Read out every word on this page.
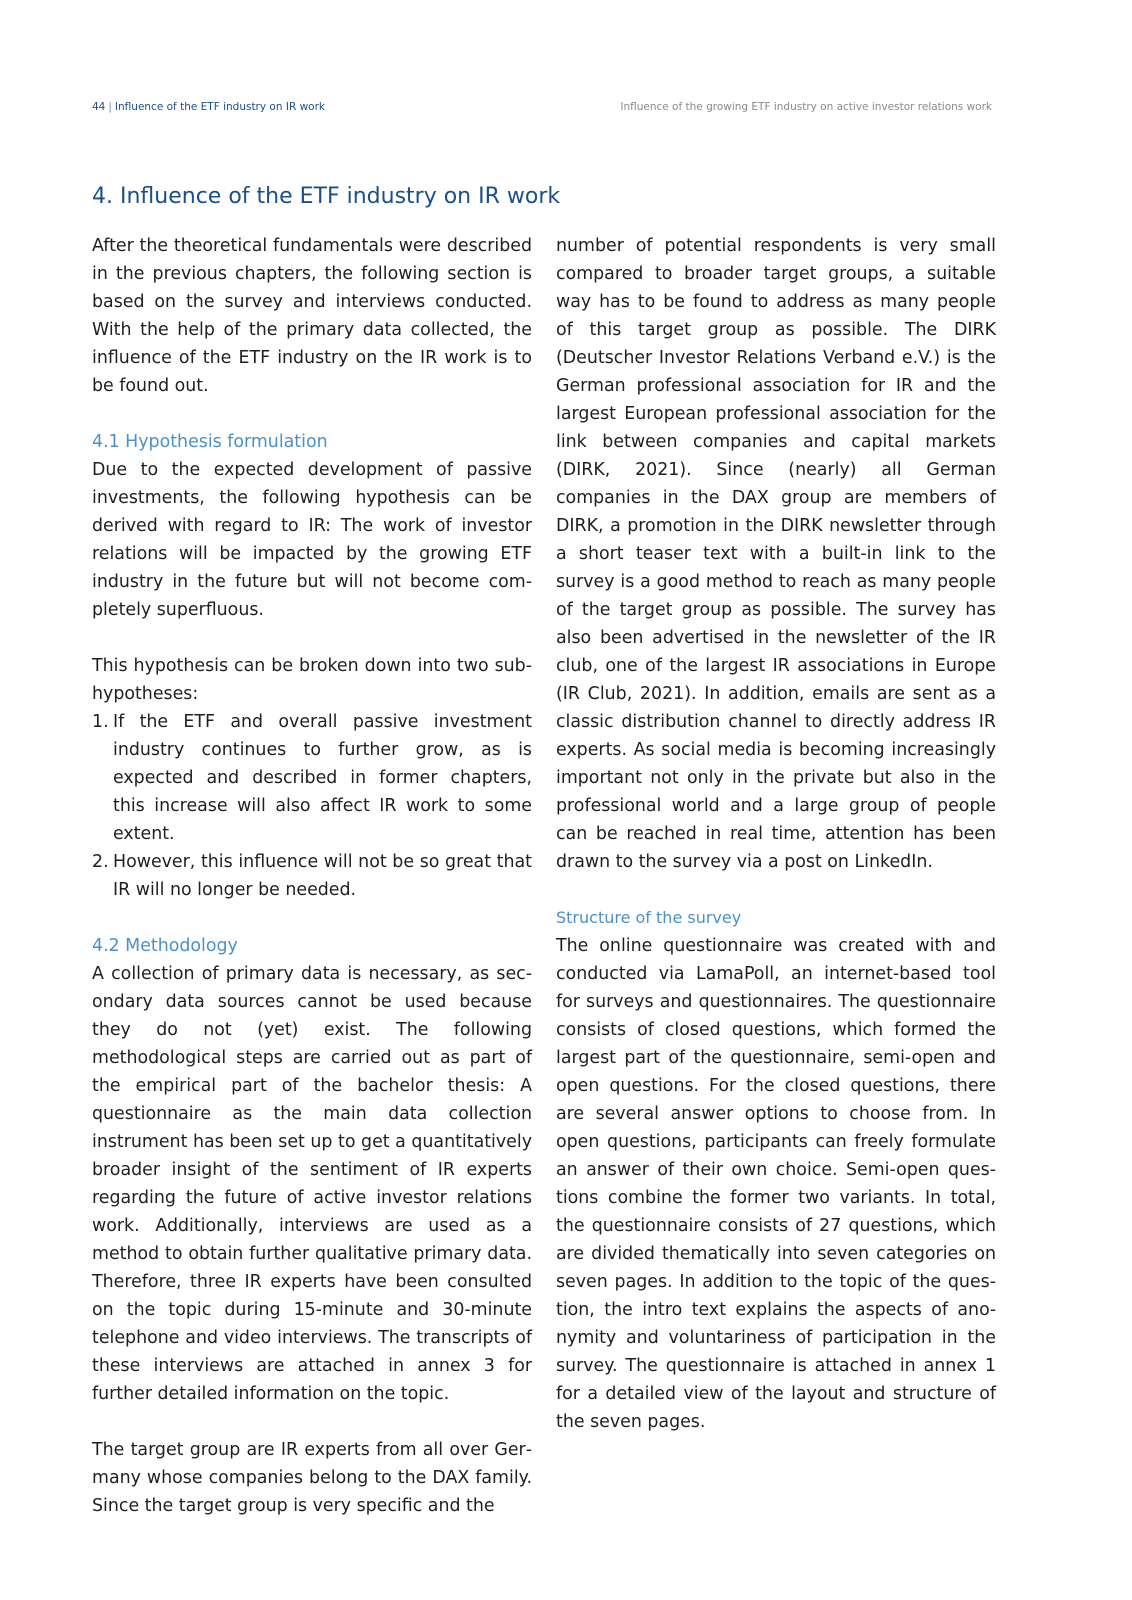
44 | Influence of the ETF industry on IR work	Influence of the growing ETF industry on active investor relations work
4. Influence of the ETF industry on IR work

After the theoretical fundamentals were described in the previous chapters, the following section is based on the survey and interviews conducted. With the help of the primary data collected, the influence of the ETF industry on the IR work is to be found out.

4.1 Hypothesis formulation

Due to the expected development of passive investments, the following hypothesis can be derived with regard to IR: The work of investor relations will be impacted by the growing ETF industry in the future but will not become completely superfluous.

This hypothesis can be broken down into two sub-hypotheses:

1. If the ETF and overall passive investment industry continues to further grow, as is expected and described in former chapters, this increase will also affect IR work to some extent.
2. However, this influence will not be so great that IR will no longer be needed.
4.2 Methodology

A collection of primary data is necessary, as secondary data sources cannot be used because they do not (yet) exist. The following methodological steps are carried out as part of the empirical part of the bachelor thesis: A questionnaire as the main data collection instrument has been set up to get a quantitatively broader insight of the sentiment of IR experts regarding the future of active investor relations work. Additionally, interviews are used as a method to obtain further qualitative primary data. Therefore, three IR experts have been consulted on the topic during 15-minute and 30-minute telephone and video interviews. The transcripts of these interviews are attached in annex 3 for further detailed information on the topic.

The target group are IR experts from all over Germany whose companies belong to the DAX family. Since the target group is very specific and the

number of potential respondents is very small compared to broader target groups, a suitable way has to be found to address as many people of this target group as possible. The DIRK (Deutscher Investor Relations Verband e.V.) is the German professional association for IR and the largest European professional association for the link between companies and capital markets (DIRK, 2021). Since (nearly) all German companies in the DAX group are members of DIRK, a promotion in the DIRK newsletter through a short teaser text with a built-in link to the survey is a good method to reach as many people of the target group as possible. The survey has also been advertised in the newsletter of the IR club, one of the largest IR associations in Europe (IR Club, 2021). In addition, emails are sent as a classic distribution channel to directly address IR experts. As social media is becoming increasingly important not only in the private but also in the professional world and a large group of people can be reached in real time, attention has been drawn to the survey via a post on LinkedIn.

Structure of the survey

The online questionnaire was created with and conducted via LamaPoll, an internet-based tool for surveys and questionnaires. The questionnaire consists of closed questions, which formed the largest part of the questionnaire, semi-open and open questions. For the closed questions, there are several answer options to choose from. In open questions, participants can freely formulate an answer of their own choice. Semi-open questions combine the former two variants. In total, the questionnaire consists of 27 questions, which are divided thematically into seven categories on seven pages. In addition to the topic of the question, the intro text explains the aspects of anonymity and voluntariness of participation in the survey. The questionnaire is attached in annex 1 for a detailed view of the layout and structure of the seven pages.
